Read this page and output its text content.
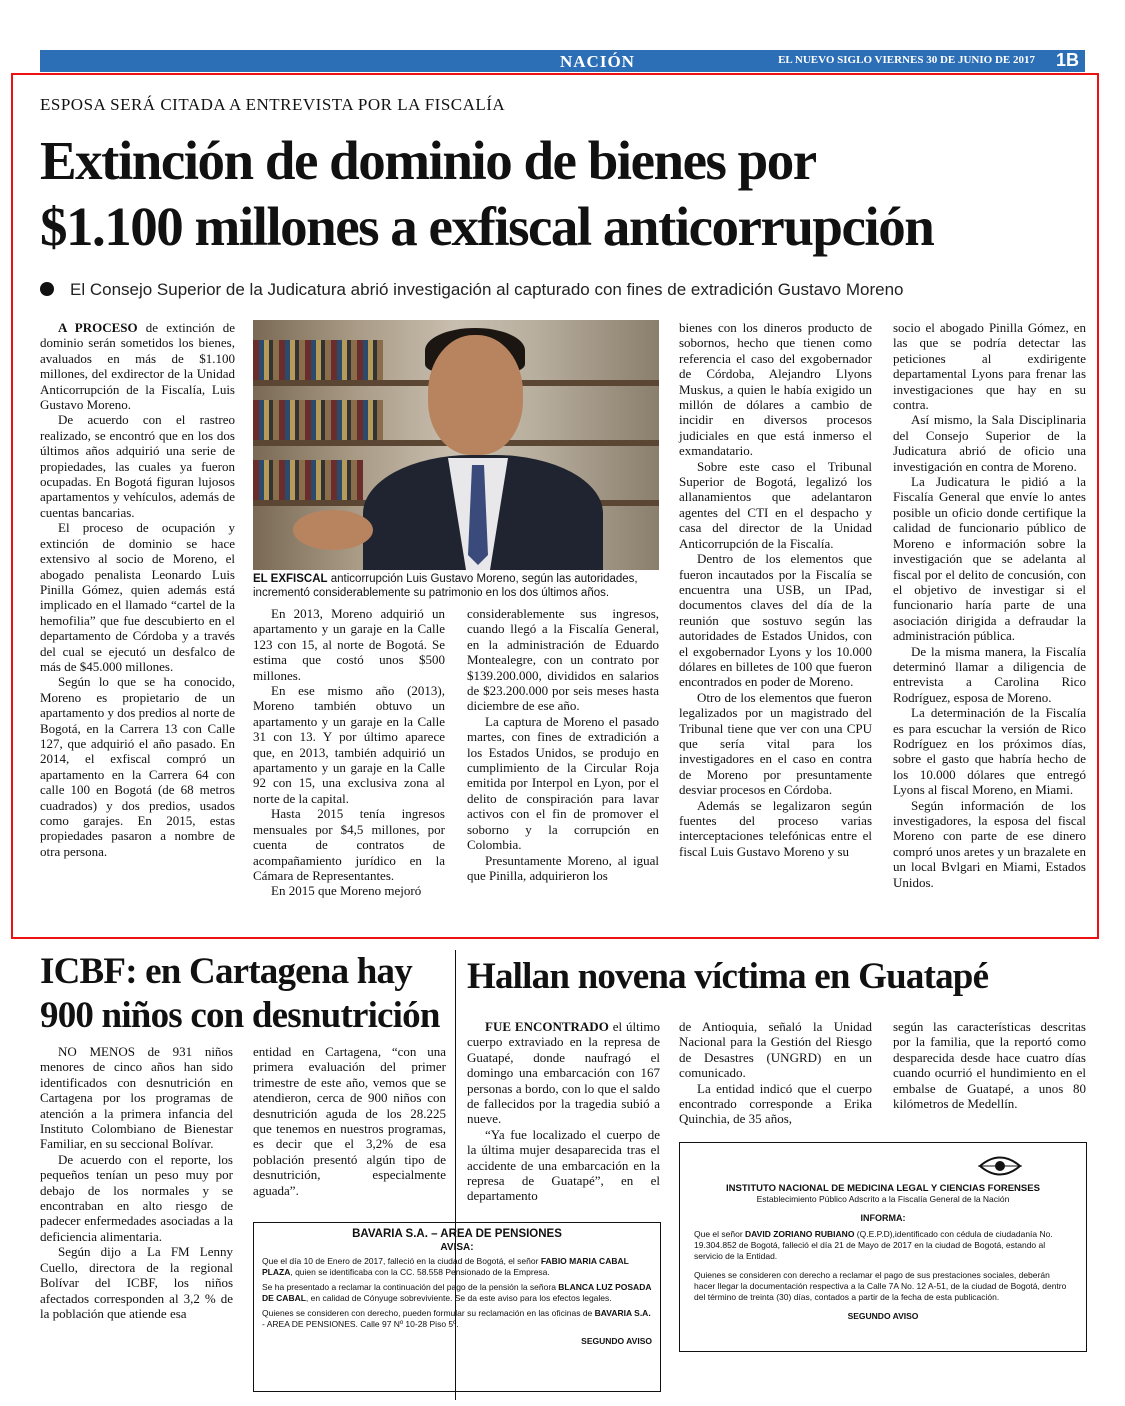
NACIÓN	EL NUEVO SIGLO VIERNES 30 DE JUNIO DE 2017 1B
ESPOSA SERÁ CITADA A ENTREVISTA POR LA FISCALÍA
Extinción de dominio de bienes por
$1.100 millones a exfiscal anticorrupción
El Consejo Superior de la Judicatura abrió investigación al capturado con fines de extradición Gustavo Moreno

A PROCESO de extinción de dominio serán sometidos los bienes, avaluados en más de $1.100 millones, del exdirector de la Unidad Anticorrupción de la Fiscalía, Luis Gustavo Moreno.

De acuerdo con el rastreo realizado, se encontró que en los dos últimos años adquirió una serie de propiedades, las cuales ya fueron ocupadas. En Bogotá figuran lujosos apartamentos y vehículos, además de cuentas bancarias.

El proceso de ocupación y extinción de dominio se hace extensivo al socio de Moreno, el abogado penalista Leonardo Luis Pinilla Gómez, quien además está implicado en el llamado “cartel de la hemofilia” que fue descubierto en el departamento de Córdoba y a través del cual se ejecutó un desfalco de más de $45.000 millones.

Según lo que se ha conocido, Moreno es propietario de un apartamento y dos predios al norte de Bogotá, en la Carrera 13 con Calle 127, que adquirió el año pasado. En 2014, el exfiscal compró un apartamento en la Carrera 64 con calle 100 en Bogotá (de 68 metros cuadrados) y dos predios, usados como garajes. En 2015, estas propiedades pasaron a nombre de otra persona.

EL EXFISCAL anticorrupción Luis Gustavo Moreno, según las autoridades, incrementó considerablemente su patrimonio en los dos últimos años.

En 2013, Moreno adquirió un apartamento y un garaje en la Calle 123 con 15, al norte de Bogotá. Se estima que costó unos $500 millones.

En ese mismo año (2013), Moreno también obtuvo un apartamento y un garaje en la Calle 31 con 13. Y por último aparece que, en 2013, también adquirió un apartamento y un garaje en la Calle 92 con 15, una exclusiva zona al norte de la capital.

Hasta 2015 tenía ingresos mensuales por $4,5 millones, por cuenta de contratos de acompañamiento jurídico en la Cámara de Representantes.

En 2015 que Moreno mejoró

considerablemente sus ingresos, cuando llegó a la Fiscalía General, en la administración de Eduardo Montealegre, con un contrato por $139.200.000, divididos en salarios de $23.200.000 por seis meses hasta diciembre de ese año.

La captura de Moreno el pasado martes, con fines de extradición a los Estados Unidos, se produjo en cumplimiento de la Circular Roja emitida por Interpol en Lyon, por el delito de conspiración para lavar activos con el fin de promover el soborno y la corrupción en Colombia.

Presuntamente Moreno, al igual que Pinilla, adquirieron los

bienes con los dineros producto de sobornos, hecho que tienen como referencia el caso del exgobernador de Córdoba, Alejandro Llyons Muskus, a quien le había exigido un millón de dólares a cambio de incidir en diversos procesos judiciales en que está inmerso el exmandatario.

Sobre este caso el Tribunal Superior de Bogotá, legalizó los allanamientos que adelantaron agentes del CTI en el despacho y casa del director de la Unidad Anticorrupción de la Fiscalía.

Dentro de los elementos que fueron incautados por la Fiscalía se encuentra una USB, un IPad, documentos claves del día de la reunión que sostuvo según las autoridades de Estados Unidos, con el exgobernador Lyons y los 10.000 dólares en billetes de 100 que fueron encontrados en poder de Moreno.

Otro de los elementos que fueron legalizados por un magistrado del Tribunal tiene que ver con una CPU que sería vital para los investigadores en el caso en contra de Moreno por presuntamente desviar procesos en Córdoba.

Además se legalizaron según fuentes del proceso varias interceptaciones telefónicas entre el fiscal Luis Gustavo Moreno y su

socio el abogado Pinilla Gómez, en las que se podría detectar las peticiones al exdirigente departamental Lyons para frenar las investigaciones que hay en su contra.

Así mismo, la Sala Disciplinaria del Consejo Superior de la Judicatura abrió de oficio una investigación en contra de Moreno.

La Judicatura le pidió a la Fiscalía General que envíe lo antes posible un oficio donde certifique la calidad de funcionario público de Moreno e información sobre la investigación que se adelanta al fiscal por el delito de concusión, con el objetivo de investigar si el funcionario haría parte de una asociación dirigida a defraudar la administración pública.

De la misma manera, la Fiscalía determinó llamar a diligencia de entrevista a Carolina Rico Rodríguez, esposa de Moreno.

La determinación de la Fiscalía es para escuchar la versión de Rico Rodríguez en los próximos días, sobre el gasto que habría hecho de los 10.000 dólares que entregó Lyons al fiscal Moreno, en Miami.

Según información de los investigadores, la esposa del fiscal Moreno con parte de ese dinero compró unos aretes y un brazalete en un local Bvlgari en Miami, Estados Unidos.

ICBF: en Cartagena hay
900 niños con desnutrición

NO MENOS de 931 niños menores de cinco años han sido identificados con desnutrición en Cartagena por los programas de atención a la primera infancia del Instituto Colombiano de Bienestar Familiar, en su seccional Bolívar.

De acuerdo con el reporte, los pequeños tenían un peso muy por debajo de los normales y se encontraban en alto riesgo de padecer enfermedades asociadas a la deficiencia alimentaria.

Según dijo a La FM Lenny Cuello, directora de la regional Bolívar del ICBF, los niños afectados corresponden al 3,2 % de la población que atiende esa

entidad en Cartagena, “con una primera evaluación del primer trimestre de este año, vemos que se atendieron, cerca de 900 niños con desnutrición aguda de los 28.225 que tenemos en nuestros programas, es decir que el 3,2% de esa población presentó algún tipo de desnutrición, especialmente aguada”.

Hallan novena víctima en Guatapé

FUE ENCONTRADO el último cuerpo extraviado en la represa de Guatapé, donde naufragó el domingo una embarcación con 167 personas a bordo, con lo que el saldo de fallecidos por la tragedia subió a nueve.

“Ya fue localizado el cuerpo de la última mujer desaparecida tras el accidente de una embarcación en la represa de Guatapé”, en el departamento

de Antioquia, señaló la Unidad Nacional para la Gestión del Riesgo de Desastres (UNGRD) en un comunicado.

La entidad indicó que el cuerpo encontrado corresponde a Erika Quinchia, de 35 años,

según las características descritas por la familia, que la reportó como desparecida desde hace cuatro días cuando ocurrió el hundimiento en el embalse de Guatapé, a unos 80 kilómetros de Medellín.

BAVARIA S.A. – AREA DE PENSIONES
AVISA:
Que el día 10 de Enero de 2017, falleció en la ciudad de Bogotá, el señor FABIO MARIA CABAL PLAZA, quien se identificaba con la CC. 58.558 Pensionado de la Empresa.
Se ha presentado a reclamar la continuación del pago de la pensión la señora BLANCA LUZ POSADA DE CABAL, en calidad de Cónyuge sobreviviente. Se da este aviso para los efectos legales.
Quienes se consideren con derecho, pueden formular su reclamación en las oficinas de BAVARIA S.A. - AREA DE PENSIONES. Calle 97 Nº 10-28 Piso 5º.
SEGUNDO AVISO
INSTITUTO NACIONAL DE MEDICINA LEGAL Y CIENCIAS FORENSES
Establecimiento Público Adscrito a la Fiscalía General de la Nación
INFORMA:
Que el señor DAVID ZORIANO RUBIANO (Q.E.P.D),identificado con cédula de ciudadanía No. 19.304.852 de Bogotá, falleció el día 21 de Mayo de 2017 en la ciudad de Bogotá, estando al servicio de la Entidad.
Quienes se consideren con derecho a reclamar el pago de sus prestaciones sociales, deberán hacer llegar la documentación respectiva a la Calle 7A No. 12 A-51, de la ciudad de Bogotá, dentro del término de treinta (30) días, contados a partir de la fecha de esta publicación.
SEGUNDO AVISO
